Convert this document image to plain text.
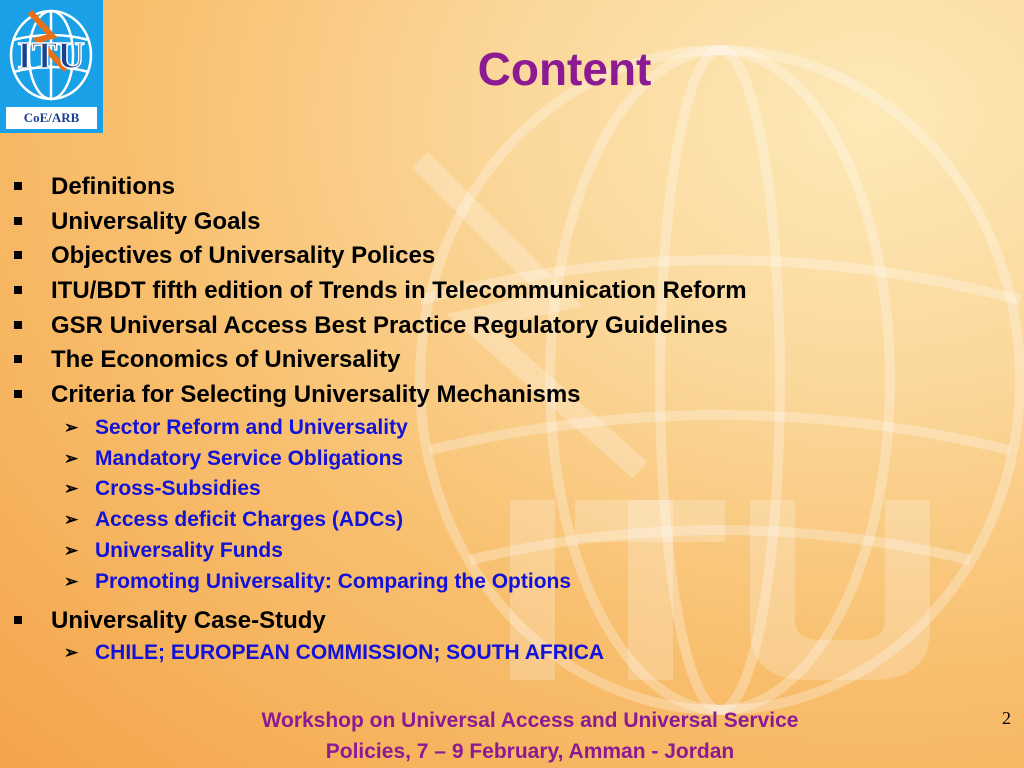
ITU
CoE/ARB
Content
Definitions
Universality Goals
Objectives of Universality Polices
ITU/BDT fifth edition of Trends in Telecommunication Reform
GSR Universal Access Best Practice Regulatory Guidelines
The Economics of Universality
Criteria for Selecting Universality Mechanisms
➢ Sector Reform and Universality
➢ Mandatory Service Obligations
➢ Cross-Subsidies
➢ Access deficit Charges (ADCs)
➢ Universality Funds
➢ Promoting Universality: Comparing the Options
Universality Case-Study
➢ CHILE; EUROPEAN COMMISSION; SOUTH AFRICA
Workshop on Universal Access and Universal Service
Policies, 7 – 9 February, Amman - Jordan
2
